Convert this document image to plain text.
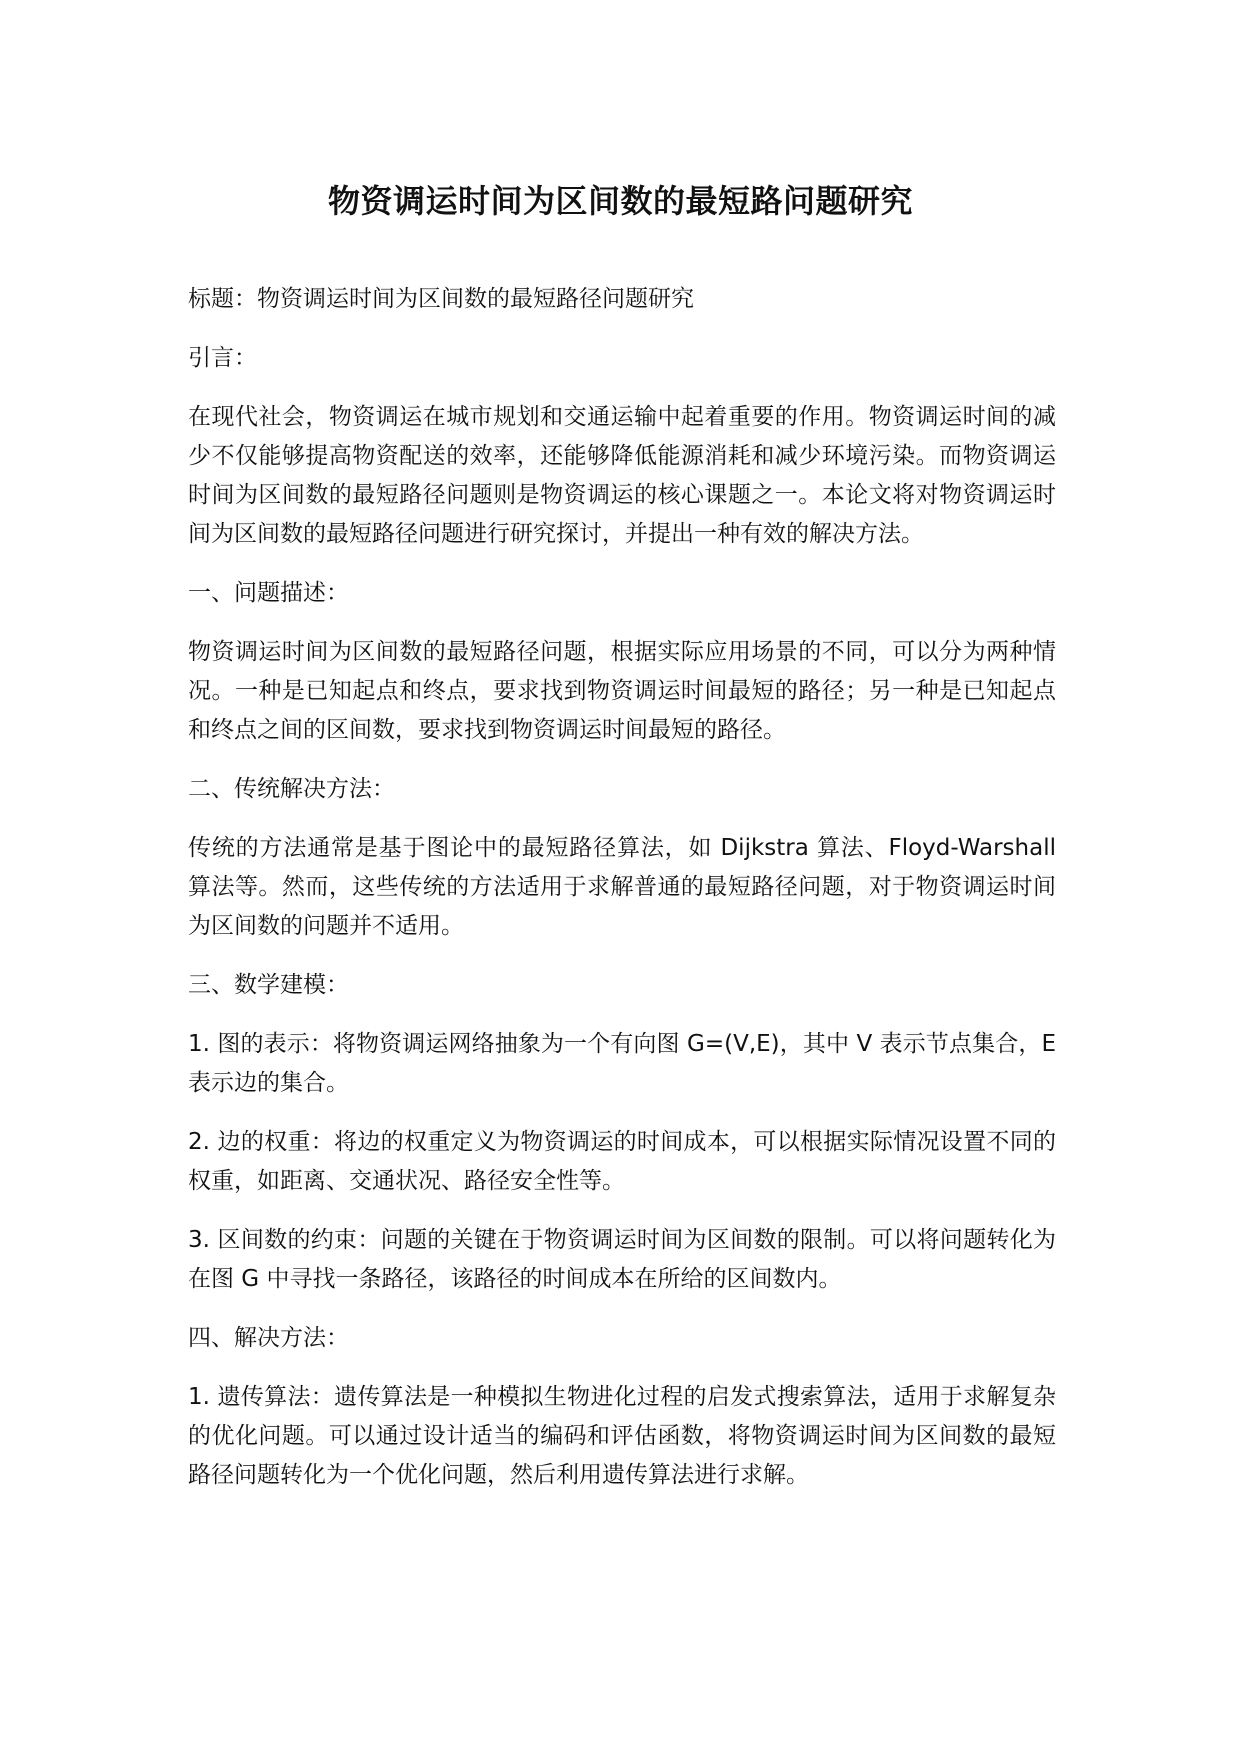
物资调运时间为区间数的最短路问题研究

标题：物资调运时间为区间数的最短路径问题研究

引言：

在现代社会，物资调运在城市规划和交通运输中起着重要的作用。物资调运时间的减少不仅能够提高物资配送的效率，还能够降低能源消耗和减少环境污染。而物资调运时间为区间数的最短路径问题则是物资调运的核心课题之一。本论文将对物资调运时间为区间数的最短路径问题进行研究探讨，并提出一种有效的解决方法。

一、问题描述：

物资调运时间为区间数的最短路径问题，根据实际应用场景的不同，可以分为两种情况。一种是已知起点和终点，要求找到物资调运时间最短的路径；另一种是已知起点和终点之间的区间数，要求找到物资调运时间最短的路径。

二、传统解决方法：

传统的方法通常是基于图论中的最短路径算法，如 Dijkstra 算法、Floyd-Warshall 算法等。然而，这些传统的方法适用于求解普通的最短路径问题，对于物资调运时间为区间数的问题并不适用。

三、数学建模：

1. 图的表示：将物资调运网络抽象为一个有向图 G=(V,E)，其中 V 表示节点集合，E 表示边的集合。

2. 边的权重：将边的权重定义为物资调运的时间成本，可以根据实际情况设置不同的权重，如距离、交通状况、路径安全性等。

3. 区间数的约束：问题的关键在于物资调运时间为区间数的限制。可以将问题转化为在图 G 中寻找一条路径，该路径的时间成本在所给的区间数内。

四、解决方法：

1. 遗传算法：遗传算法是一种模拟生物进化过程的启发式搜索算法，适用于求解复杂的优化问题。可以通过设计适当的编码和评估函数，将物资调运时间为区间数的最短路径问题转化为一个优化问题，然后利用遗传算法进行求解。
